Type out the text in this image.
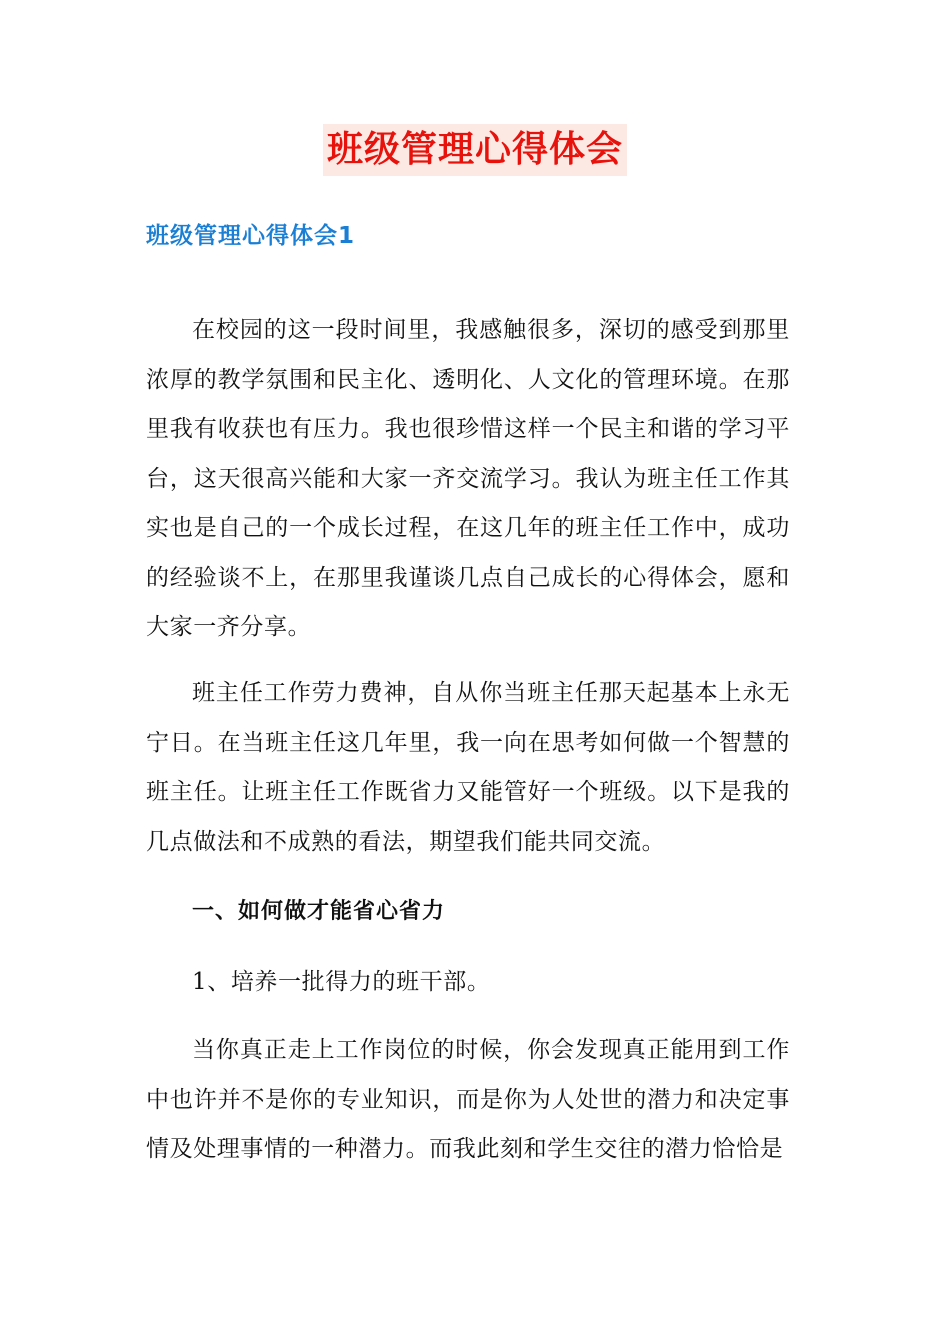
班级管理心得体会
班级管理心得体会1

在校园的这一段时间里，我感触很多，深切的感受到那里浓厚的教学氛围和民主化、透明化、人文化的管理环境。在那里我有收获也有压力。我也很珍惜这样一个民主和谐的学习平台，这天很高兴能和大家一齐交流学习。我认为班主任工作其实也是自己的一个成长过程，在这几年的班主任工作中，成功的经验谈不上，在那里我谨谈几点自己成长的心得体会，愿和大家一齐分享。

班主任工作劳力费神，自从你当班主任那天起基本上永无宁日。在当班主任这几年里，我一向在思考如何做一个智慧的班主任。让班主任工作既省力又能管好一个班级。以下是我的几点做法和不成熟的看法，期望我们能共同交流。

一、如何做才能省心省力
1、培养一批得力的班干部。

当你真正走上工作岗位的时候，你会发现真正能用到工作中也许并不是你的专业知识，而是你为人处世的潜力和决定事情及处理事情的一种潜力。而我此刻和学生交往的潜力恰恰是
